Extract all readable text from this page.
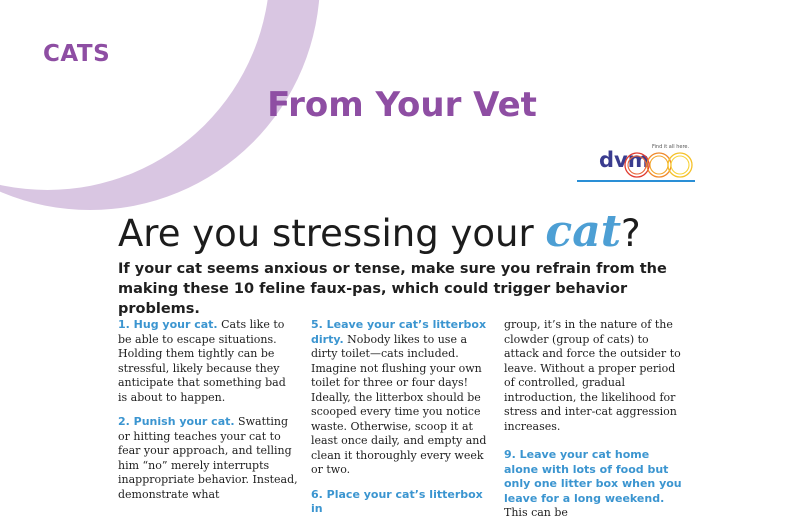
CATS
From Your Vet
dvm
Find it all here.
Are you stressing your cat?
If your cat seems anxious or tense, make sure you refrain from the making these 10 feline faux-pas, which could trigger behavior problems.

1. Hug your cat. Cats like to be able to escape situations. Holding them tightly can be stressful, likely because they anticipate that something bad is about to happen.

2. Punish your cat. Swatting or hitting teaches your cat to fear your approach, and telling him “no” merely interrupts inappropriate behavior. Instead, demonstrate what

5. Leave your cat’s litterbox dirty. Nobody likes to use a dirty toilet—cats included. Imagine not flushing your own toilet for three or four days! Ideally, the litterbox should be scooped every time you notice waste. Otherwise, scoop it at least once daily, and empty and clean it thoroughly every week or two.

6. Place your cat’s litterbox in

group, it’s in the nature of the clowder (group of cats) to attack and force the outsider to leave. Without a proper period of controlled, gradual introduction, the likelihood for stress and inter-cat aggression increases.

9. Leave your cat home alone with lots of food but only one litter box when you leave for a long weekend. This can be
